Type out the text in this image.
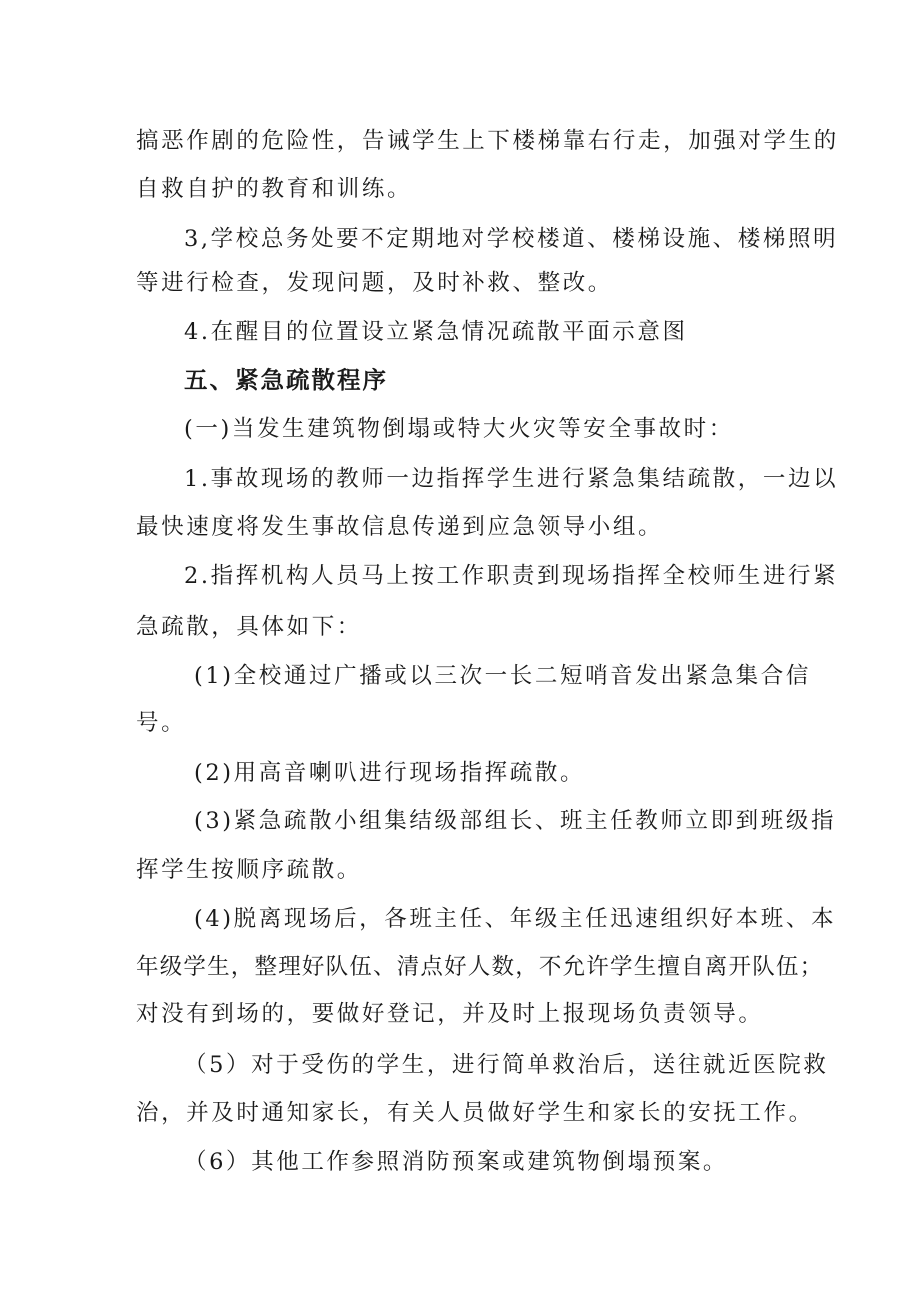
搞恶作剧的危险性，告诫学生上下楼梯靠右行走，加强对学生的
自救自护的教育和训练。
3,学校总务处要不定期地对学校楼道、楼梯设施、楼梯照明
等进行检查，发现问题，及时补救、整改。
4.在醒目的位置设立紧急情况疏散平面示意图
五、紧急疏散程序
(一)当发生建筑物倒塌或特大火灾等安全事故时：
1.事故现场的教师一边指挥学生进行紧急集结疏散，一边以
最快速度将发生事故信息传递到应急领导小组。
2.指挥机构人员马上按工作职责到现场指挥全校师生进行紧
急疏散，具体如下：
(1)全校通过广播或以三次一长二短哨音发出紧急集合信
号。
(2)用高音喇叭进行现场指挥疏散。
(3)紧急疏散小组集结级部组长、班主任教师立即到班级指
挥学生按顺序疏散。
(4)脱离现场后，各班主任、年级主任迅速组织好本班、本
年级学生，整理好队伍、清点好人数，不允许学生擅自离开队伍；
对没有到场的，要做好登记，并及时上报现场负责领导。
（5）对于受伤的学生，进行简单救治后，送往就近医院救
治，并及时通知家长，有关人员做好学生和家长的安抚工作。
（6）其他工作参照消防预案或建筑物倒塌预案。
